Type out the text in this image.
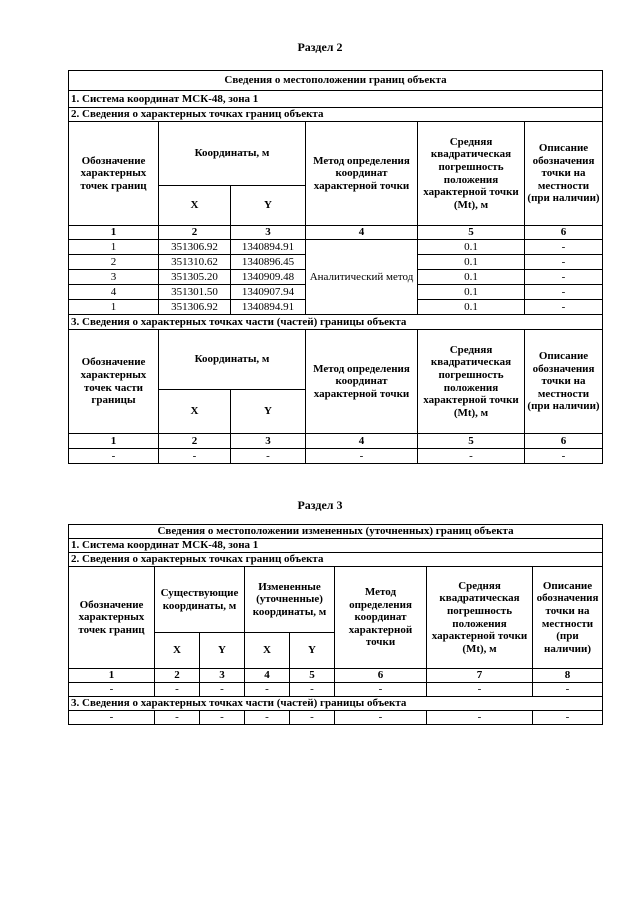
Раздел 2
Сведения о местоположении границ объекта					
1. Система координат МСК-48, зона 1					
2. Сведения о характерных точках границ объекта					
Обозначение характерных точек границ	Координаты, м		Метод определения координат характерной точки	Средняя квадратическая погрешность положения характерной точки (Mt), м	Описание обозначения точки на местности (при наличии)
	X	Y			
1	2	3	4	5	6
1	351306.92	1340894.91	Аналитический метод	0.1	-
2	351310.62	1340896.45		0.1	-
3	351305.20	1340909.48		0.1	-
4	351301.50	1340907.94		0.1	-
1	351306.92	1340894.91		0.1	-
3. Сведения о характерных точках части (частей) границы объекта					
Обозначение характерных точек части границы	Координаты, м		Метод определения координат характерной точки	Средняя квадратическая погрешность положения характерной точки (Mt), м	Описание обозначения точки на местности (при наличии)
	X	Y			
1	2	3	4	5	6
-	-	-	-	-	-
Раздел 3
Сведения о местоположении измененных (уточненных) границ объекта							
1. Система координат МСК-48, зона 1							
2. Сведения о характерных точках границ объекта							
Обозначение характерных точек границ	Существующие координаты, м		Измененные (уточненные) координаты, м		Метод определения координат характерной точки	Средняя квадратическая погрешность положения характерной точки (Mt), м	Описание обозначения точки на местности (при наличии)
	X	Y	X	Y			
1	2	3	4	5	6	7	8
-	-	-	-	-	-	-	-
3. Сведения о характерных точках части (частей) границы объекта							
-	-	-	-	-	-	-	-
